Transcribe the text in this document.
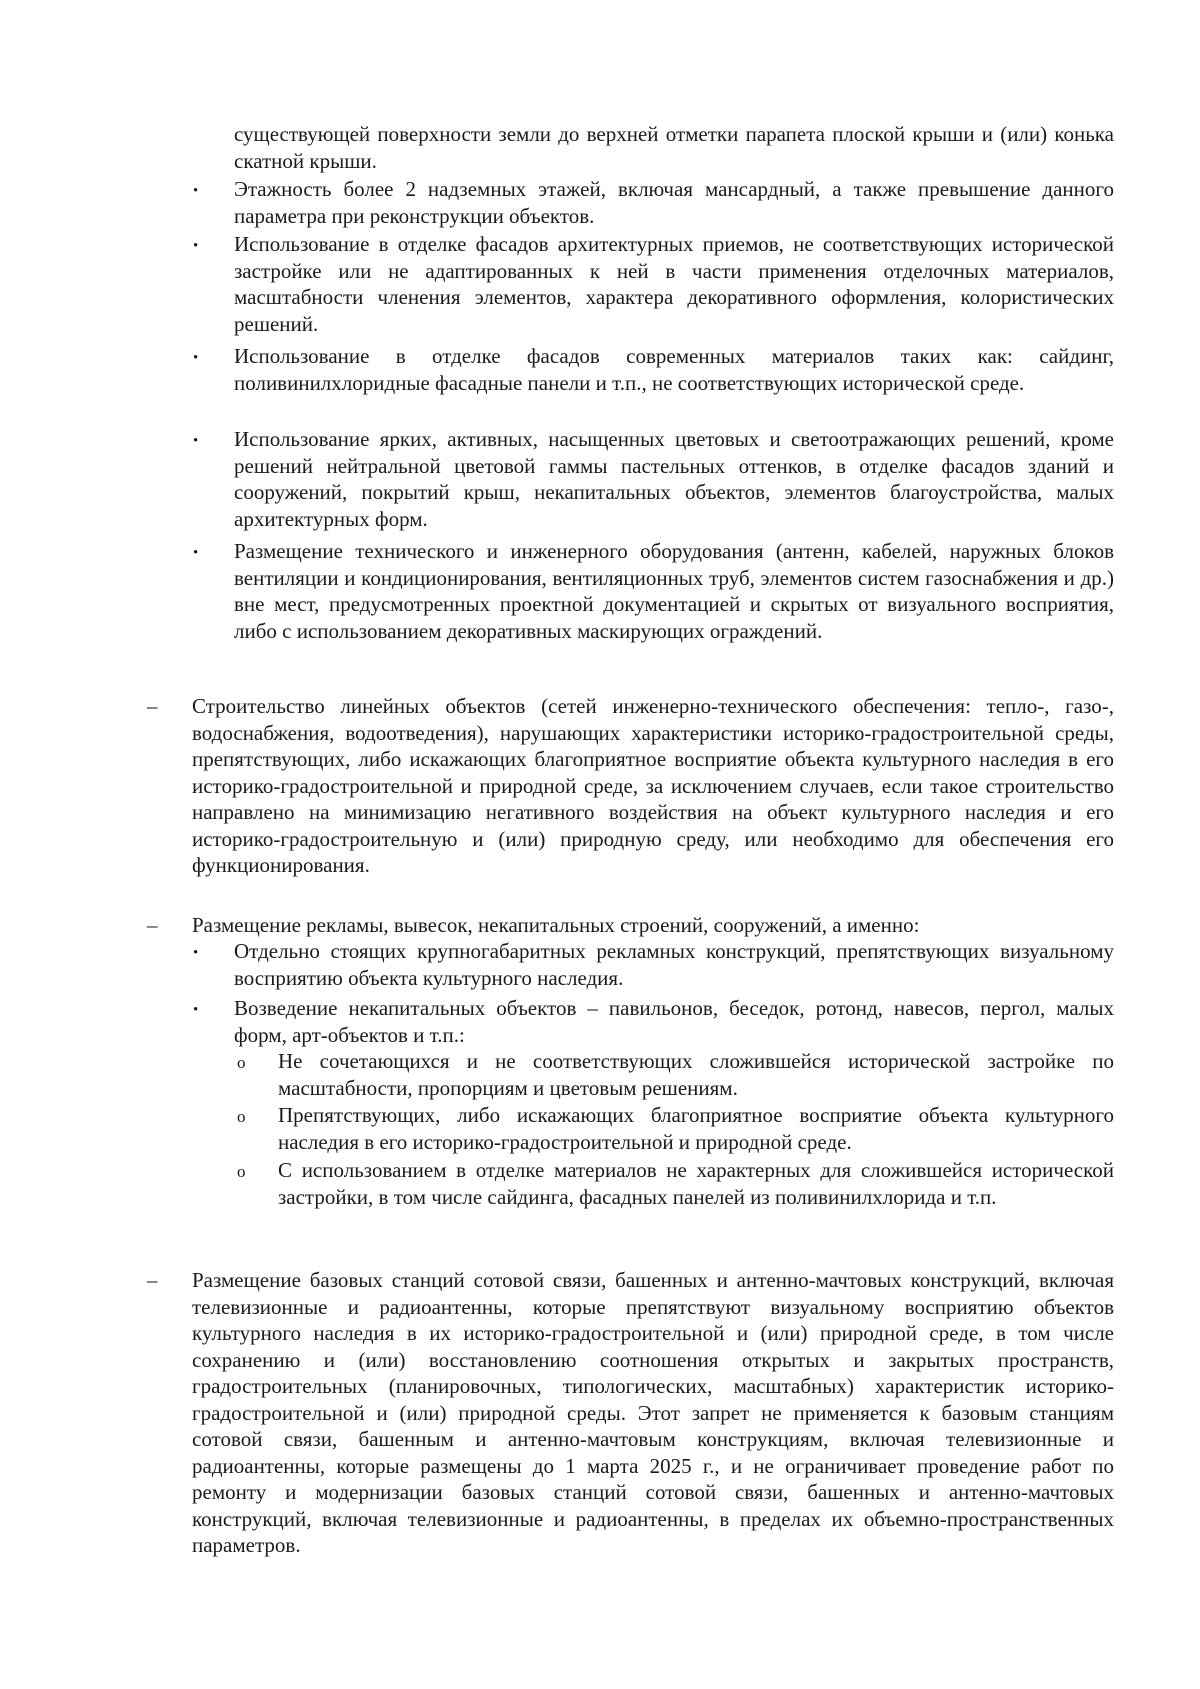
существующей поверхности земли до верхней отметки парапета плоской крыши и (или) конька скатной крыши.

• Этажность более 2 надземных этажей, включая мансардный, а также превышение данного параметра при реконструкции объектов.

• Использование в отделке фасадов архитектурных приемов, не соответствующих исторической застройке или не адаптированных к ней в части применения отделочных материалов, масштабности членения элементов, характера декоративного оформления, колористических решений.

• Использование в отделке фасадов современных материалов таких как: сайдинг, поливинилхлоридные фасадные панели и т.п., не соответствующих исторической среде.

• Использование ярких, активных, насыщенных цветовых и светоотражающих решений, кроме решений нейтральной цветовой гаммы пастельных оттенков, в отделке фасадов зданий и сооружений, покрытий крыш, некапитальных объектов, элементов благоустройства, малых архитектурных форм.

• Размещение технического и инженерного оборудования (антенн, кабелей, наружных блоков вентиляции и кондиционирования, вентиляционных труб, элементов систем газоснабжения и др.) вне мест, предусмотренных проектной документацией и скрытых от визуального восприятия, либо с использованием декоративных маскирующих ограждений.

– Строительство линейных объектов (сетей инженерно-технического обеспечения: тепло-, газо-, водоснабжения, водоотведения), нарушающих характеристики историко-градостроительной среды, препятствующих, либо искажающих благоприятное восприятие объекта культурного наследия в его историко-градостроительной и природной среде, за исключением случаев, если такое строительство направлено на минимизацию негативного воздействия на объект культурного наследия и его историко-градостроительную и (или) природную среду, или необходимо для обеспечения его функционирования.

– Размещение рекламы, вывесок, некапитальных строений, сооружений, а именно:

• Отдельно стоящих крупногабаритных рекламных конструкций, препятствующих визуальному восприятию объекта культурного наследия.

• Возведение некапитальных объектов – павильонов, беседок, ротонд, навесов, пергол, малых форм, арт-объектов и т.п.:

o Не сочетающихся и не соответствующих сложившейся исторической застройке по масштабности, пропорциям и цветовым решениям.

o Препятствующих, либо искажающих благоприятное восприятие объекта культурного наследия в его историко-градостроительной и природной среде.

o С использованием в отделке материалов не характерных для сложившейся исторической застройки, в том числе сайдинга, фасадных панелей из поливинилхлорида и т.п.

– Размещение базовых станций сотовой связи, башенных и антенно-мачтовых конструкций, включая телевизионные и радиоантенны, которые препятствуют визуальному восприятию объектов культурного наследия в их историко-градостроительной и (или) природной среде, в том числе сохранению и (или) восстановлению соотношения открытых и закрытых пространств, градостроительных (планировочных, типологических, масштабных) характеристик историко-градостроительной и (или) природной среды. Этот запрет не применяется к базовым станциям сотовой связи, башенным и антенно-мачтовым конструкциям, включая телевизионные и радиоантенны, которые размещены до 1 марта 2025 г., и не ограничивает проведение работ по ремонту и модернизации базовых станций сотовой связи, башенных и антенно-мачтовых конструкций, включая телевизионные и радиоантенны, в пределах их объемно-пространственных параметров.
